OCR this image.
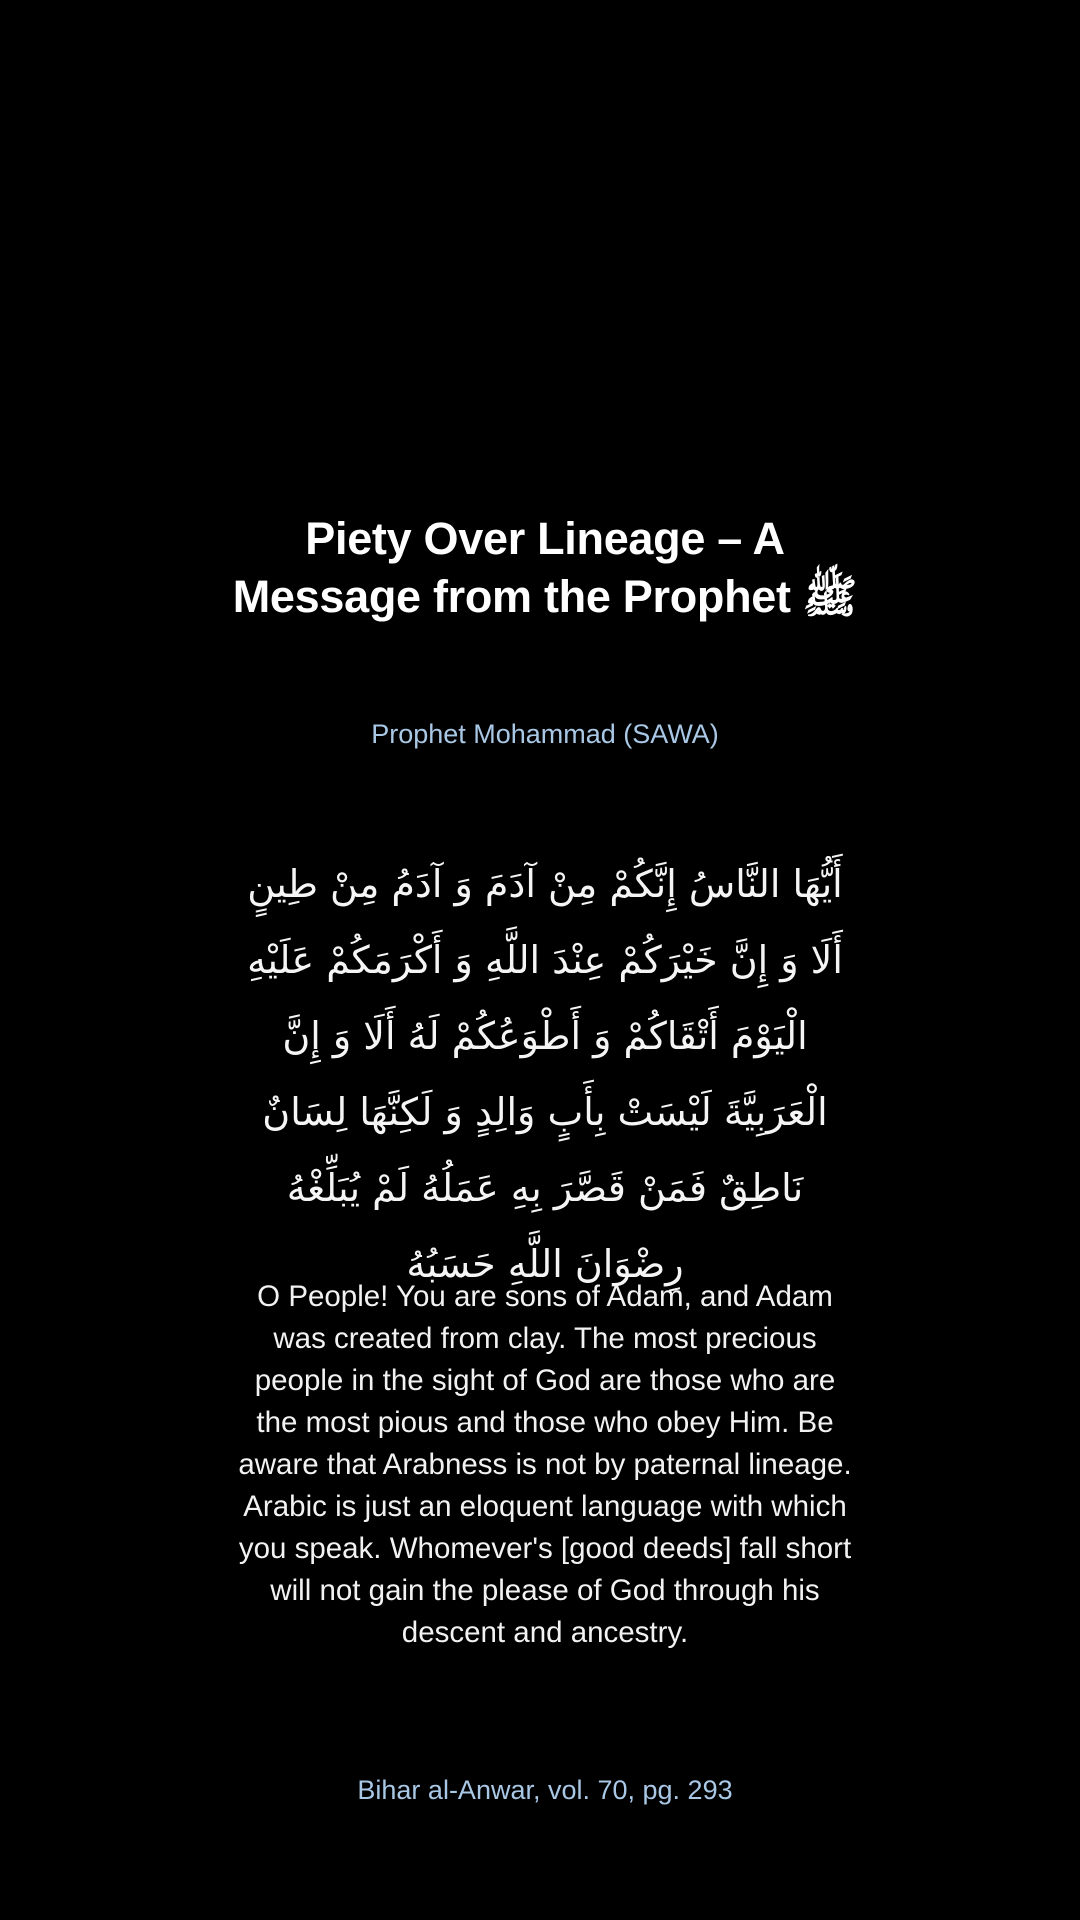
Piety Over Lineage – A Message from the Prophet ﷺ
Prophet Mohammad (SAWA)
أَيُّهَا النَّاسُ إِنَّكُمْ مِنْ آدَمَ وَ آدَمُ مِنْ طِينٍ أَلَا وَ إِنَّ خَيْرَكُمْ عِنْدَ اللَّهِ وَ أَكْرَمَكُمْ عَلَيْهِ الْيَوْمَ أَتْقَاكُمْ وَ أَطْوَعُكُمْ لَهُ أَلَا وَ إِنَّ الْعَرَبِيَّةَ لَيْسَتْ بِأَبٍ وَالِدٍ وَ لَكِنَّهَا لِسَانٌ نَاطِقٌ فَمَنْ قَصَّرَ بِهِ عَمَلُهُ لَمْ يُبَلِّغْهُ رِضْوَانَ اللَّهِ حَسَبُهُ
O People! You are sons of Adam, and Adam was created from clay. The most precious people in the sight of God are those who are the most pious and those who obey Him. Be aware that Arabness is not by paternal lineage. Arabic is just an eloquent language with which you speak. Whomever's [good deeds] fall short will not gain the please of God through his descent and ancestry.
Bihar al-Anwar, vol. 70, pg. 293
